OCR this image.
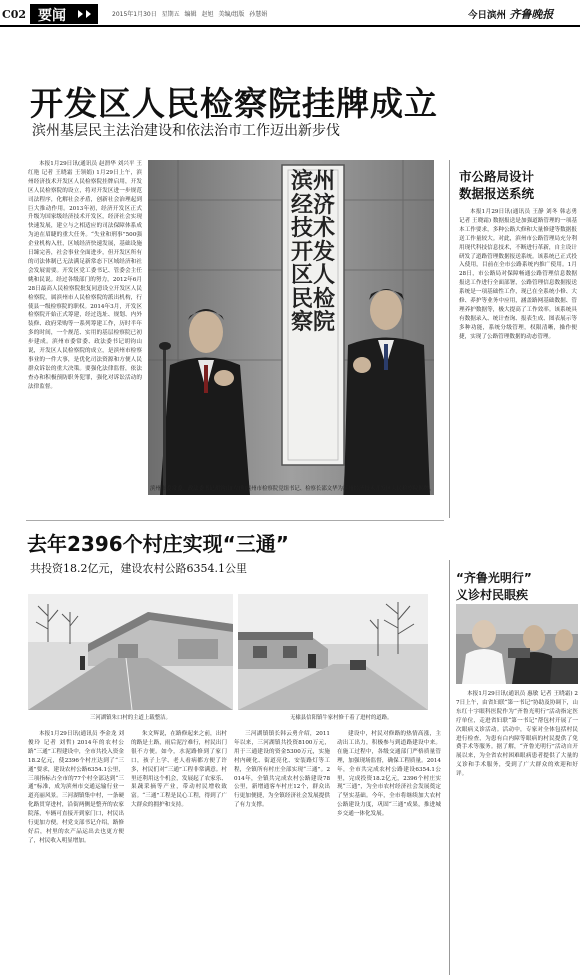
C02 要闻	2015年1月30日 星期五 编辑 赵旭 美编/组版 孙慧娟	今日滨州 齐鲁晚报
开发区人民检察院挂牌成立
滨州基层民主法治建设和依法治市工作迈出新步伐
本报1月29日讯(通讯员 赵渭华 刘兴平 王红艳 记者 王晓霜 王领娟) 1月29日上午，滨州经济技术开发区人民检察院挂牌启用，开发区人民检察院的设立，将对开发区进一步规范司法程序，化解社会矛盾，创新社会治理起到巨大推动作用。2013年初，经济开发区正式升级为国家级经济技术开发区，经济社会实现快速发展，建立与之相适应的司法保障体系成为迫在眉睫的重大任务。“失业和刑事”500强企业机构入驻，区域经济快速发展，基础设施日臻完善，社会事业全面进步，但开发区所有的司法体制已无法满足新常态下区域经济和社会发展需要。开发区党工委书记、管委会主任姚和民说。经过各级部门的努力，2012年6月28日最高人民检察院批复同意设立开发区人民检察院，属滨州市人民检察院的派出机构，行使县一级检察院的职权。2014年3月，开发区检察院开始正式筹建，经过选址、规划、内外装修、政府采购等一系列筹建工作，历时半年多的时间，一个规范、实用的基层检察院已初步建成。滨州市委常委、政法委书记胡钧山说，开发区人民检察院的成立，是滨州市检察事业的一件大事，是优化司法资源和方便人民群众诉讼的重大决策。要强化法律监督，依法查办和积极预防职务犯罪，强化对诉讼活动的法律监督。
滨州经济技术开发区人民检察院
滨州市委常委、政法委书记胡钧山(左)和滨州市检察院党组书记、检察长邵文华为滨州经济技术开发区人民检察院揭牌。
市公路局设计
数据报送系统
本报1月29日讯(通讯员 王静 刘冬 韩志勇 记者 王晓霜) 数据报送是加强道路管理的一项基本工作要求，多种公路大修和大量修建等数据报送工作量较大。对此，滨州市公路管理局充分利用现代科技信息技术，不断进行革新，自主设计研发了道路管理数据报送系统。该系统已正式投入使用，目前在全市公路系统内推广使用。1月28日，市公路局对保障畅通公路管理信息数据报送工作进行全面部署，公路管理信息数据报送系统是一项基础性工作，现已在全系统小修、大修、养护等业务中应用，涵盖路网基础数据、管理养护数据等，极大提高了工作效率。该系统具有数据录入、统计查询、报表生成、图表展示等多种功能，系统分级管理，权限清晰，操作便捷，实现了公路管理数据的动态管理。
去年2396个村庄实现“三通”
共投资18.2亿元，建设农村公路6354.1公里
三河湖镇朱口村的主道上载整洁。	无棣县信阳镇牛家村修千着了进村的道路。
本报1月29日讯(通讯员 李金龙 刘俊玲 记者 刘哲) 2014年的农村公路“三通”工程建设中，全市共投入资金18.2亿元，使2396个村庄达到了“三通”要求，建设农村公路6354.1公里，三项指标占全市的77个村全部达到“三通”标准，成为滨州市交通运输行业一道亮丽风景。三河湖镇集中村，一条硬化路贯穿进村，沿街两侧是整齐的农家院落，车辆可直接开到家门口，村民出行更加方便。村党支部书记介绍，路修好后，村里的农产品运出去也更方便了，村民收入明显增加。
朱文辉说，在路修起来之前，出村的路是土路，雨后泥泞难行，村民出门很不方便。如今，水泥路修到了家门口，孩子上学、老人看病都方便了许多，村民们对“三通”工程非常满意。村里还利用这个机会，发展起了农家乐、果蔬采摘等产业，带动村民增收致富。“三通”工程是民心工程，得到了广大群众的拥护和支持。
三河湖镇镇长韩云勇介绍，2011年以来，三河湖镇共投资8100万元，用于三通建设的资金5300万元，实施村内硬化、街道亮化、安装路灯等工程，全镇所有村庄全部实现“三通”。2014年，全镇共完成农村公路建设78公里，新增通客车村庄12个，群众出行更加便捷，为全镇经济社会发展提供了有力支撑。
建设中，村民对修路的热情高涨，主动出工出力，积极参与到道路建设中来。在施工过程中，各级交通部门严格质量管理，加强现场监督，确保工程质量。2014年，全市共完成农村公路建设6354.1公里，完成投资18.2亿元，2396个村庄实现“三通”，为全市农村经济社会发展奠定了坚实基础。今年，全市将继续加大农村公路建设力度，巩固“三通”成果，推进城乡交通一体化发展。
“齐鲁光明行”
义诊村民眼疾
本报1月29日讯(通讯员 惠敏 记者 王晓霜) 27日上午，由省妇联“第一书记”协助及协调下，山东红十字眼科医院作为“齐鲁光明行”活动指定医疗单位，走进省妇联“第一书记”帮包村开展了一次眼病义诊活动。活动中，专家对全体包括村民进行检查，为患有白内障等眼病的村民提供了免费手术等服务。据了解，“齐鲁光明行”活动自开展以来，为全省农村困难眼病患者提供了大量的义诊和手术服务，受到了广大群众的欢迎和好评。
